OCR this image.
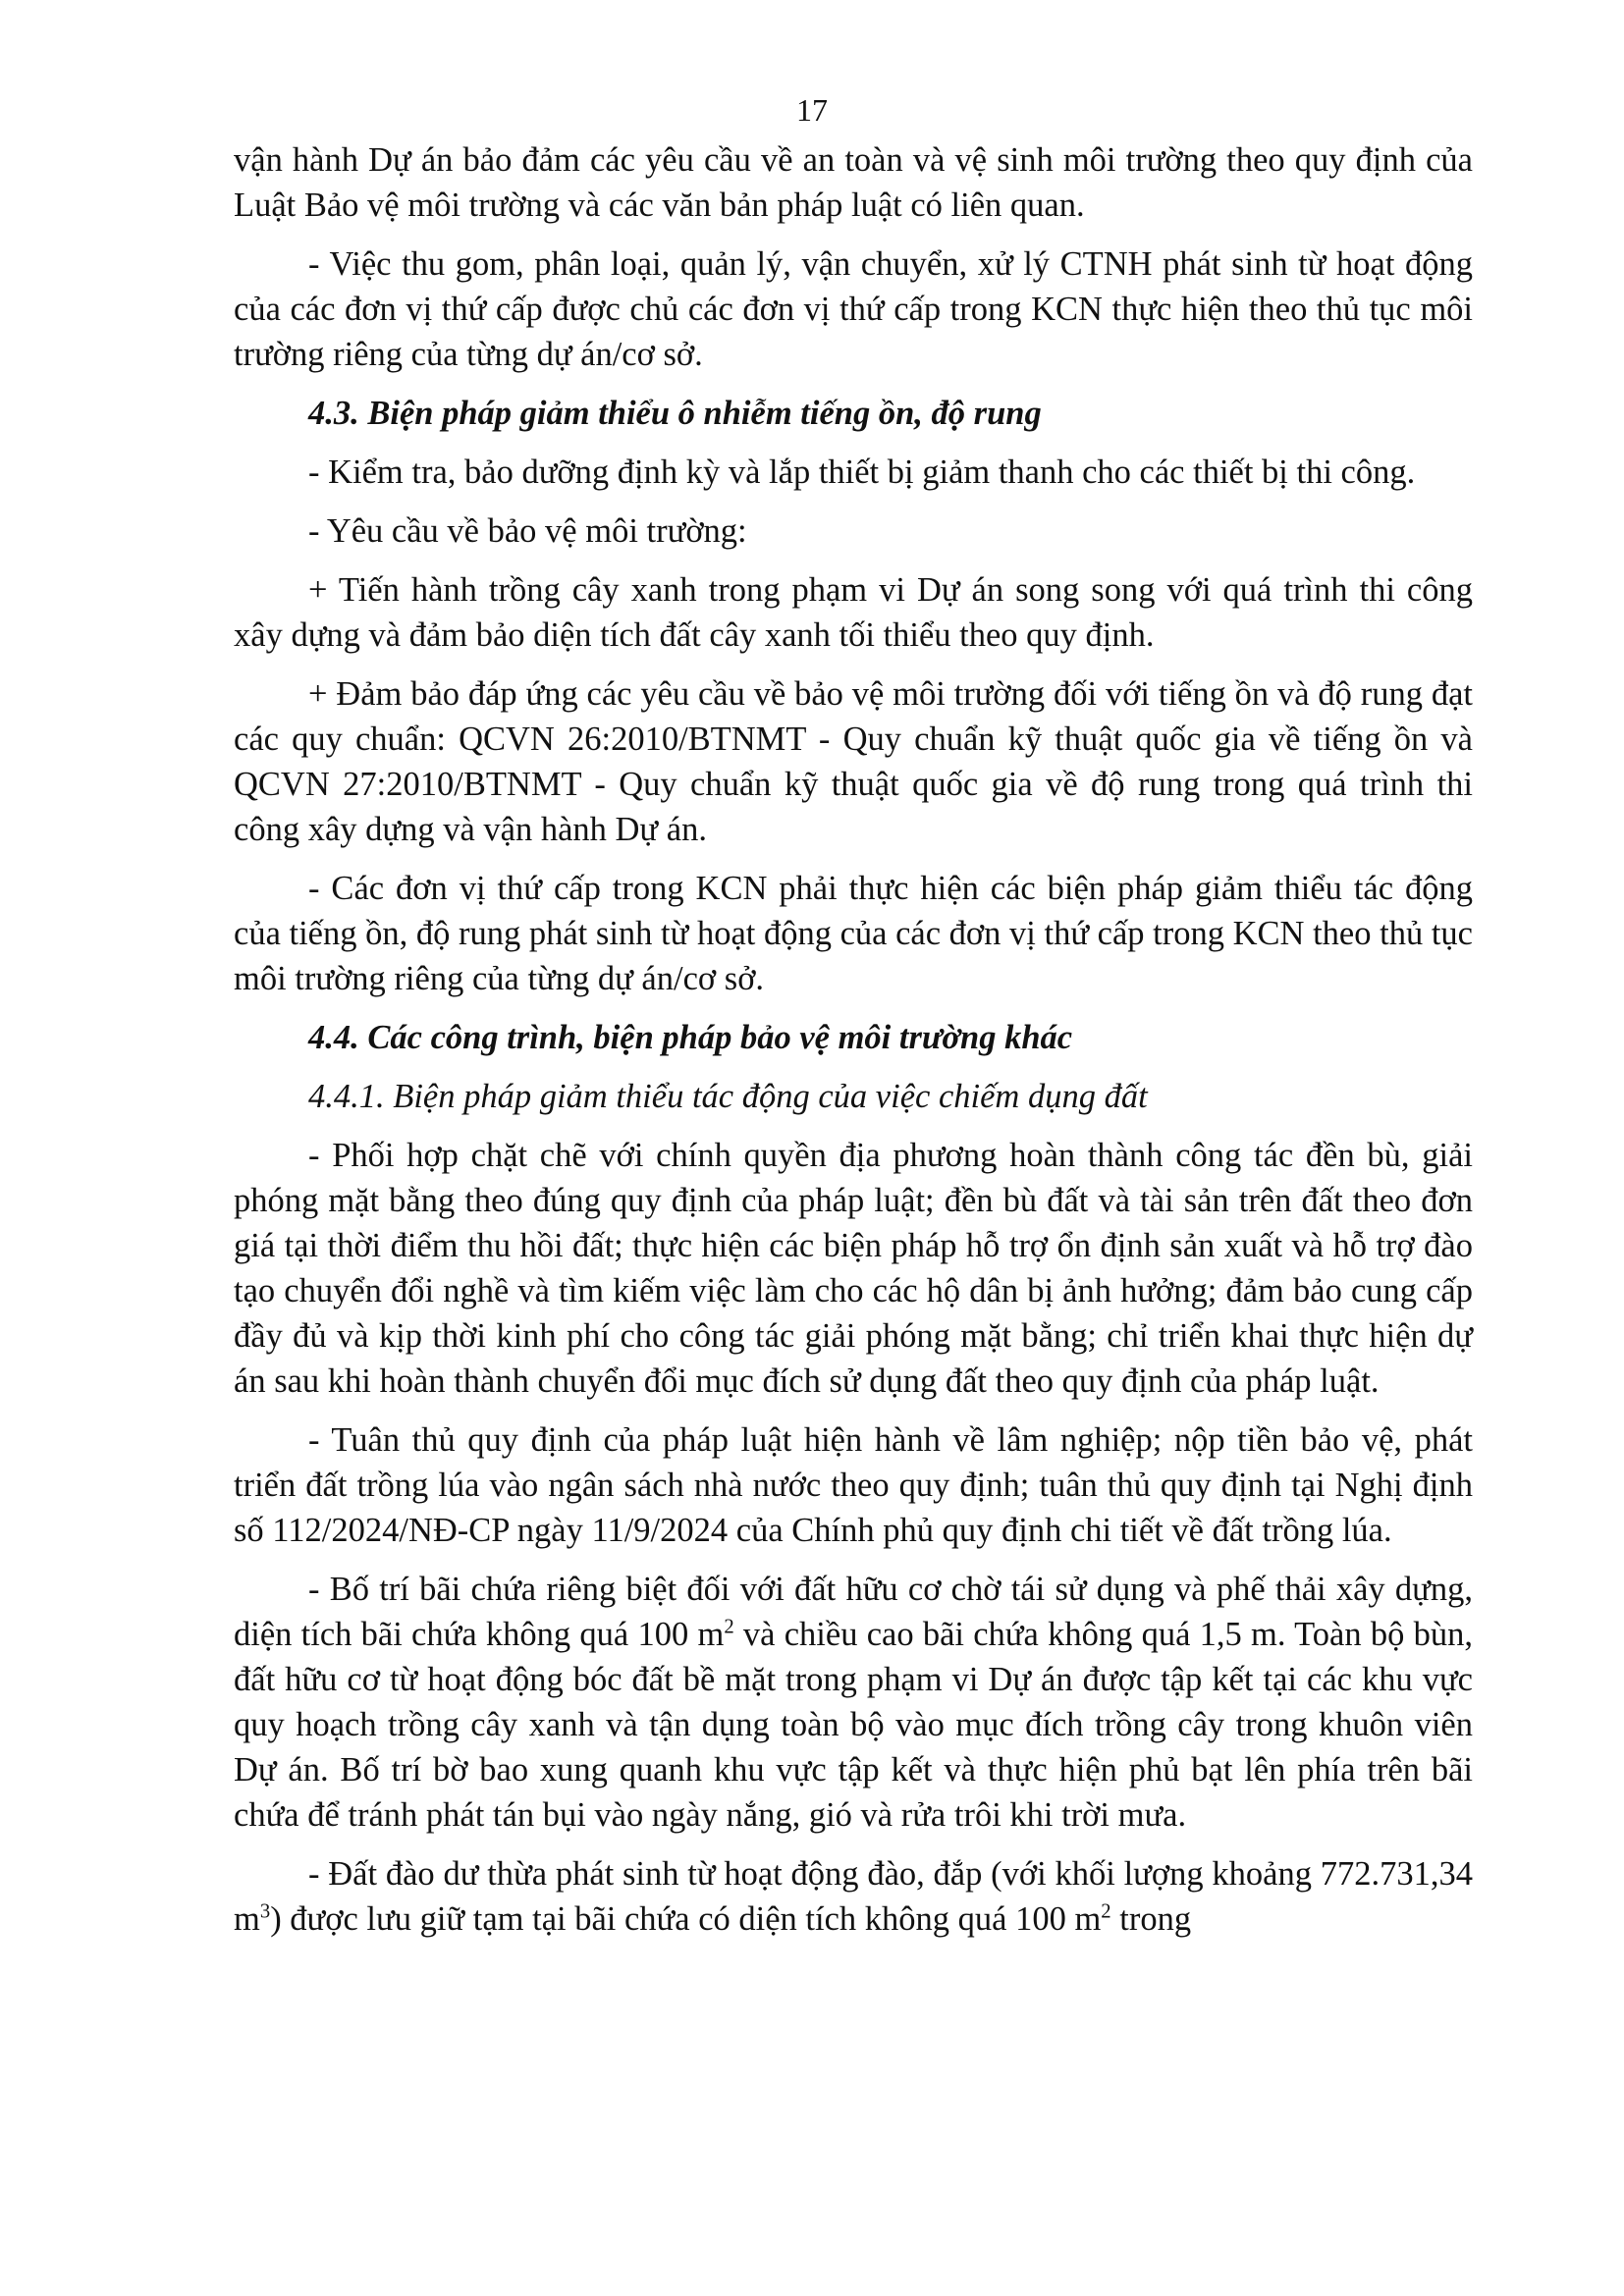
17

vận hành Dự án bảo đảm các yêu cầu về an toàn và vệ sinh môi trường theo quy định của Luật Bảo vệ môi trường và các văn bản pháp luật có liên quan.

- Việc thu gom, phân loại, quản lý, vận chuyển, xử lý CTNH phát sinh từ hoạt động của các đơn vị thứ cấp được chủ các đơn vị thứ cấp trong KCN thực hiện theo thủ tục môi trường riêng của từng dự án/cơ sở.

4.3. Biện pháp giảm thiểu ô nhiễm tiếng ồn, độ rung

- Kiểm tra, bảo dưỡng định kỳ và lắp thiết bị giảm thanh cho các thiết bị thi công.

- Yêu cầu về bảo vệ môi trường:

+ Tiến hành trồng cây xanh trong phạm vi Dự án song song với quá trình thi công xây dựng và đảm bảo diện tích đất cây xanh tối thiểu theo quy định.

+ Đảm bảo đáp ứng các yêu cầu về bảo vệ môi trường đối với tiếng ồn và độ rung đạt các quy chuẩn: QCVN 26:2010/BTNMT - Quy chuẩn kỹ thuật quốc gia về tiếng ồn và QCVN 27:2010/BTNMT - Quy chuẩn kỹ thuật quốc gia về độ rung trong quá trình thi công xây dựng và vận hành Dự án.

- Các đơn vị thứ cấp trong KCN phải thực hiện các biện pháp giảm thiểu tác động của tiếng ồn, độ rung phát sinh từ hoạt động của các đơn vị thứ cấp trong KCN theo thủ tục môi trường riêng của từng dự án/cơ sở.

4.4. Các công trình, biện pháp bảo vệ môi trường khác

4.4.1. Biện pháp giảm thiểu tác động của việc chiếm dụng đất

- Phối hợp chặt chẽ với chính quyền địa phương hoàn thành công tác đền bù, giải phóng mặt bằng theo đúng quy định của pháp luật; đền bù đất và tài sản trên đất theo đơn giá tại thời điểm thu hồi đất; thực hiện các biện pháp hỗ trợ ổn định sản xuất và hỗ trợ đào tạo chuyển đổi nghề và tìm kiếm việc làm cho các hộ dân bị ảnh hưởng; đảm bảo cung cấp đầy đủ và kịp thời kinh phí cho công tác giải phóng mặt bằng; chỉ triển khai thực hiện dự án sau khi hoàn thành chuyển đổi mục đích sử dụng đất theo quy định của pháp luật.

- Tuân thủ quy định của pháp luật hiện hành về lâm nghiệp; nộp tiền bảo vệ, phát triển đất trồng lúa vào ngân sách nhà nước theo quy định; tuân thủ quy định tại Nghị định số 112/2024/NĐ-CP ngày 11/9/2024 của Chính phủ quy định chi tiết về đất trồng lúa.

- Bố trí bãi chứa riêng biệt đối với đất hữu cơ chờ tái sử dụng và phế thải xây dựng, diện tích bãi chứa không quá 100 $m^2$ và chiều cao bãi chứa không quá 1,5 m. Toàn bộ bùn, đất hữu cơ từ hoạt động bóc đất bề mặt trong phạm vi Dự án được tập kết tại các khu vực quy hoạch trồng cây xanh và tận dụng toàn bộ vào mục đích trồng cây trong khuôn viên Dự án. Bố trí bờ bao xung quanh khu vực tập kết và thực hiện phủ bạt lên phía trên bãi chứa để tránh phát tán bụi vào ngày nắng, gió và rửa trôi khi trời mưa.

- Đất đào dư thừa phát sinh từ hoạt động đào, đắp (với khối lượng khoảng 772.731,34 $m^3$) được lưu giữ tạm tại bãi chứa có diện tích không quá 100 $m^2$ trong
